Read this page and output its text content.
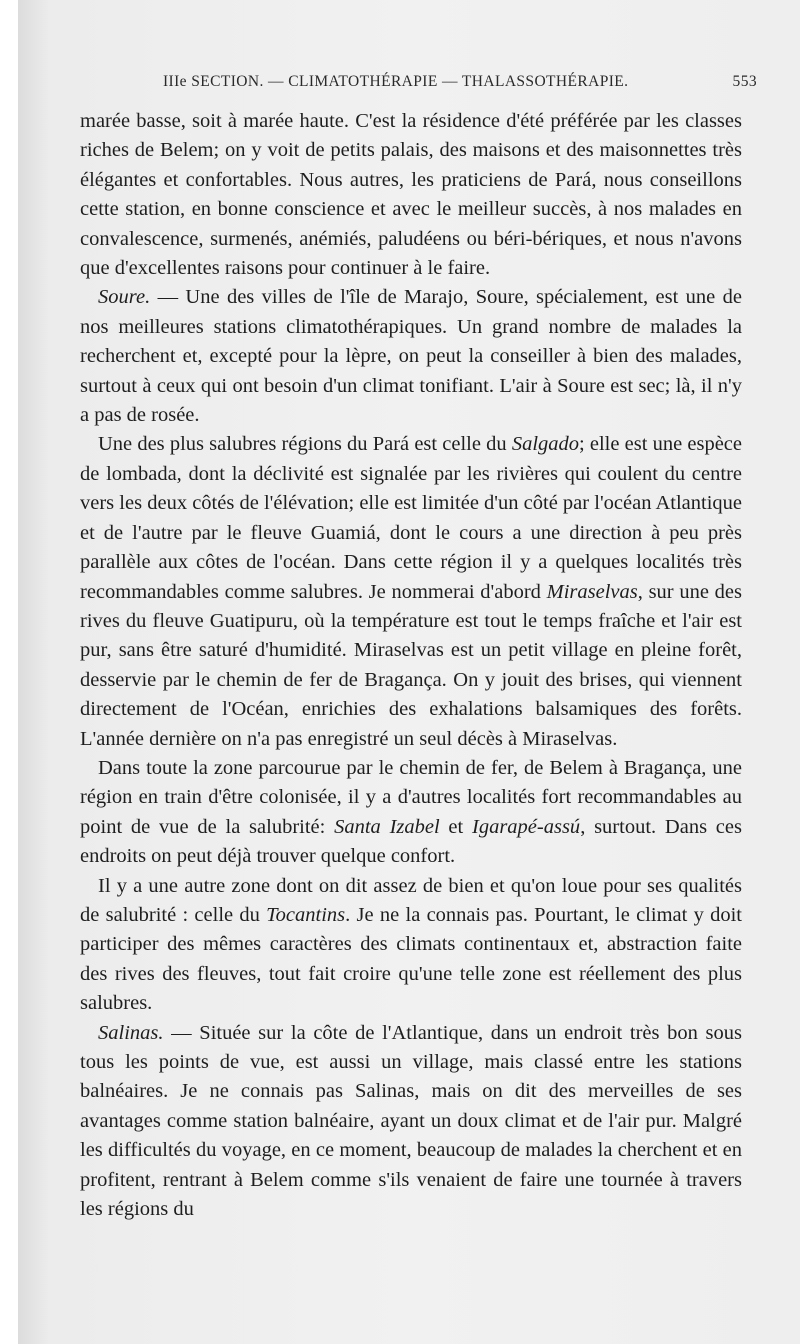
IIIe SECTION. — CLIMATOTHÉRAPIE — THALASSOTHÉRAPIE.	553

marée basse, soit à marée haute. C'est la résidence d'été préférée par les classes riches de Belem; on y voit de petits palais, des maisons et des maisonnettes très élégantes et confortables. Nous autres, les praticiens de Pará, nous conseillons cette station, en bonne conscience et avec le meilleur succès, à nos malades en convalescence, surmenés, anémiés, paludéens ou béri-bériques, et nous n'avons que d'excellentes raisons pour continuer à le faire.

Soure. — Une des villes de l'île de Marajo, Soure, spécialement, est une de nos meilleures stations climatothérapiques. Un grand nombre de malades la recherchent et, excepté pour la lèpre, on peut la conseiller à bien des malades, surtout à ceux qui ont besoin d'un climat tonifiant. L'air à Soure est sec; là, il n'y a pas de rosée.

Une des plus salubres régions du Pará est celle du Salgado; elle est une espèce de lombada, dont la déclivité est signalée par les rivières qui coulent du centre vers les deux côtés de l'élévation; elle est limitée d'un côté par l'océan Atlantique et de l'autre par le fleuve Guamiá, dont le cours a une direction à peu près parallèle aux côtes de l'océan. Dans cette région il y a quelques localités très recommandables comme salubres. Je nommerai d'abord Miraselvas, sur une des rives du fleuve Guatipuru, où la température est tout le temps fraîche et l'air est pur, sans être saturé d'humidité. Miraselvas est un petit village en pleine forêt, desservie par le chemin de fer de Bragança. On y jouit des brises, qui viennent directement de l'Océan, enrichies des exhalations balsamiques des forêts. L'année dernière on n'a pas enregistré un seul décès à Miraselvas.

Dans toute la zone parcourue par le chemin de fer, de Belem à Bragança, une région en train d'être colonisée, il y a d'autres localités fort recommandables au point de vue de la salubrité: Santa Izabel et Igarapé-assú, surtout. Dans ces endroits on peut déjà trouver quelque confort.

Il y a une autre zone dont on dit assez de bien et qu'on loue pour ses qualités de salubrité : celle du Tocantins. Je ne la connais pas. Pourtant, le climat y doit participer des mêmes caractères des climats continentaux et, abstraction faite des rives des fleuves, tout fait croire qu'une telle zone est réellement des plus salubres.

Salinas. — Située sur la côte de l'Atlantique, dans un endroit très bon sous tous les points de vue, est aussi un village, mais classé entre les stations balnéaires. Je ne connais pas Salinas, mais on dit des merveilles de ses avantages comme station balnéaire, ayant un doux climat et de l'air pur. Malgré les difficultés du voyage, en ce moment, beaucoup de malades la cherchent et en profitent, rentrant à Belem comme s'ils venaient de faire une tournée à travers les régions du
